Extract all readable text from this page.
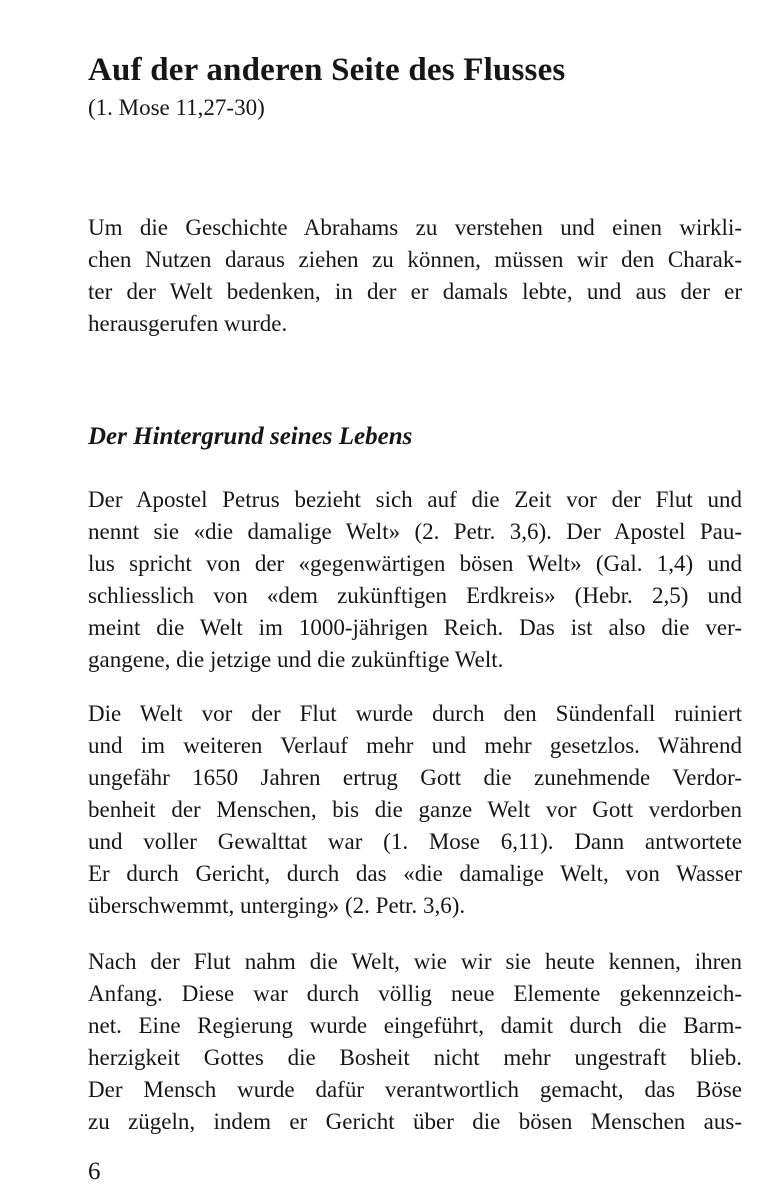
Auf der anderen Seite des Flusses
(1. Mose 11,27-30)
Um die Geschichte Abrahams zu verstehen und einen wirkli-
chen Nutzen daraus ziehen zu können, müssen wir den Charak-
ter der Welt bedenken, in der er damals lebte, und aus der er
herausgerufen wurde.
Der Hintergrund seines Lebens
Der Apostel Petrus bezieht sich auf die Zeit vor der Flut und
nennt sie «die damalige Welt» (2. Petr. 3,6). Der Apostel Pau-
lus spricht von der «gegenwärtigen bösen Welt» (Gal. 1,4) und
schliesslich von «dem zukünftigen Erdkreis» (Hebr. 2,5) und
meint die Welt im 1000-jährigen Reich. Das ist also die ver-
gangene, die jetzige und die zukünftige Welt.
Die Welt vor der Flut wurde durch den Sündenfall ruiniert
und im weiteren Verlauf mehr und mehr gesetzlos. Während
ungefähr 1650 Jahren ertrug Gott die zunehmende Verdor-
benheit der Menschen, bis die ganze Welt vor Gott verdorben
und voller Gewalttat war (1. Mose 6,11). Dann antwortete
Er durch Gericht, durch das «die damalige Welt, von Wasser
überschwemmt, unterging» (2. Petr. 3,6).
Nach der Flut nahm die Welt, wie wir sie heute kennen, ihren
Anfang. Diese war durch völlig neue Elemente gekennzeich-
net. Eine Regierung wurde eingeführt, damit durch die Barm-
herzigkeit Gottes die Bosheit nicht mehr ungestraft blieb.
Der Mensch wurde dafür verantwortlich gemacht, das Böse
zu zügeln, indem er Gericht über die bösen Menschen aus-
6
